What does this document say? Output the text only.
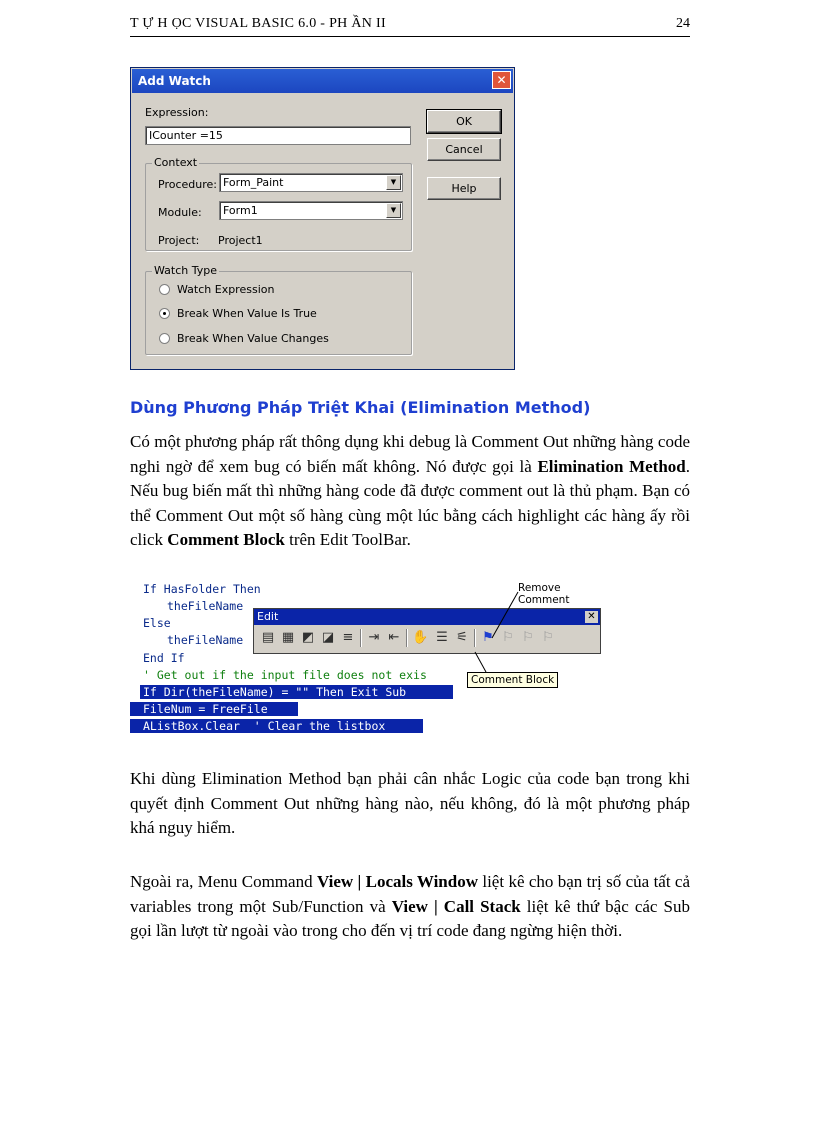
T Ự H ỌC VISUAL BASIC 6.0 - PH ẦN II	24
Add Watch	✕
Expression:
ICounter =15
Context
Procedure: Form_Paint	▼
Module:	Form1	▼
Project: Project1
Watch Type
Watch Expression
Break When Value Is True
Break When Value Changes
OK
Cancel
Help
Dùng Phương Pháp Triệt Khai (Elimination Method)
Có một phương pháp rất thông dụng khi debug là Comment Out những hàng code nghi ngờ để xem bug có biến mất không. Nó được gọi là Elimination Method. Nếu bug biến mất thì những hàng code đã được comment out là thủ phạm. Bạn có thể Comment Out một số hàng cùng một lúc bằng cách highlight các hàng ấy rồi click Comment Block trên Edit ToolBar.
If HasFolder Then
theFileName
Else
theFileName
End If
' Get out if the input file does not exis
If Dir(theFileName) = "" Then Exit Sub
FileNum = FreeFile
AListBox.Clear  ' Clear the listbox
Edit	✕
▤ ▦ ◩ ◪ ≡ ⇥ ⇤ ✋ ☰ ⚟ ⚑ ⚐ ⚐ ⚐
Remove Comment
Comment Block
Khi dùng Elimination Method bạn phải cân nhắc Logic của code bạn trong khi quyết định Comment Out những hàng nào, nếu không, đó là một phương pháp khá nguy hiểm.
Ngoài ra, Menu Command View | Locals Window liệt kê cho bạn trị số của tất cả variables trong một Sub/Function và View | Call Stack liệt kê thứ bậc các Sub gọi lần lượt từ ngoài vào trong cho đến vị trí code đang ngừng hiện thời.
